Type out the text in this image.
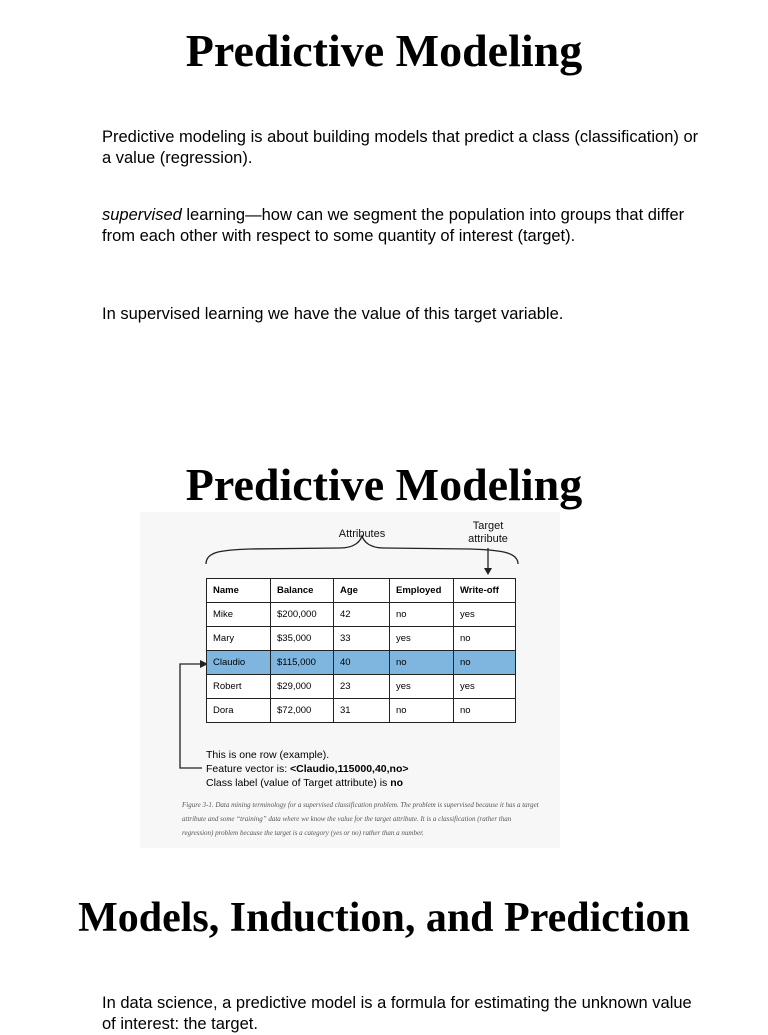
Predictive Modeling

Predictive modeling is about building models that predict a class (classification) or a value (regression).

supervised learning—how can we segment the population into groups that differ from each other with respect to some quantity of interest (target).

In supervised learning we have the value of this target variable.

Predictive Modeling
Attributes
Target
attribute
Name	Balance	Age	Employed	Write-off
Mike	$200,000	42	no	yes
Mary	$35,000	33	yes	no
Claudio	$115,000	40	no	no
Robert	$29,000	23	yes	yes
Dora	$72,000	31	no	no
This is one row (example).
Feature vector is: <Claudio,115000,40,no>
Class label (value of Target attribute) is no
Figure 3-1. Data mining terminology for a supervised classification problem. The problem is supervised because it has a target attribute and some “training” data where we know the value for the target attribute. It is a classification (rather than regression) problem because the target is a category (yes or no) rather than a number.
Models, Induction, and Prediction

In data science, a predictive model is a formula for estimating the unknown value of interest: the target.
